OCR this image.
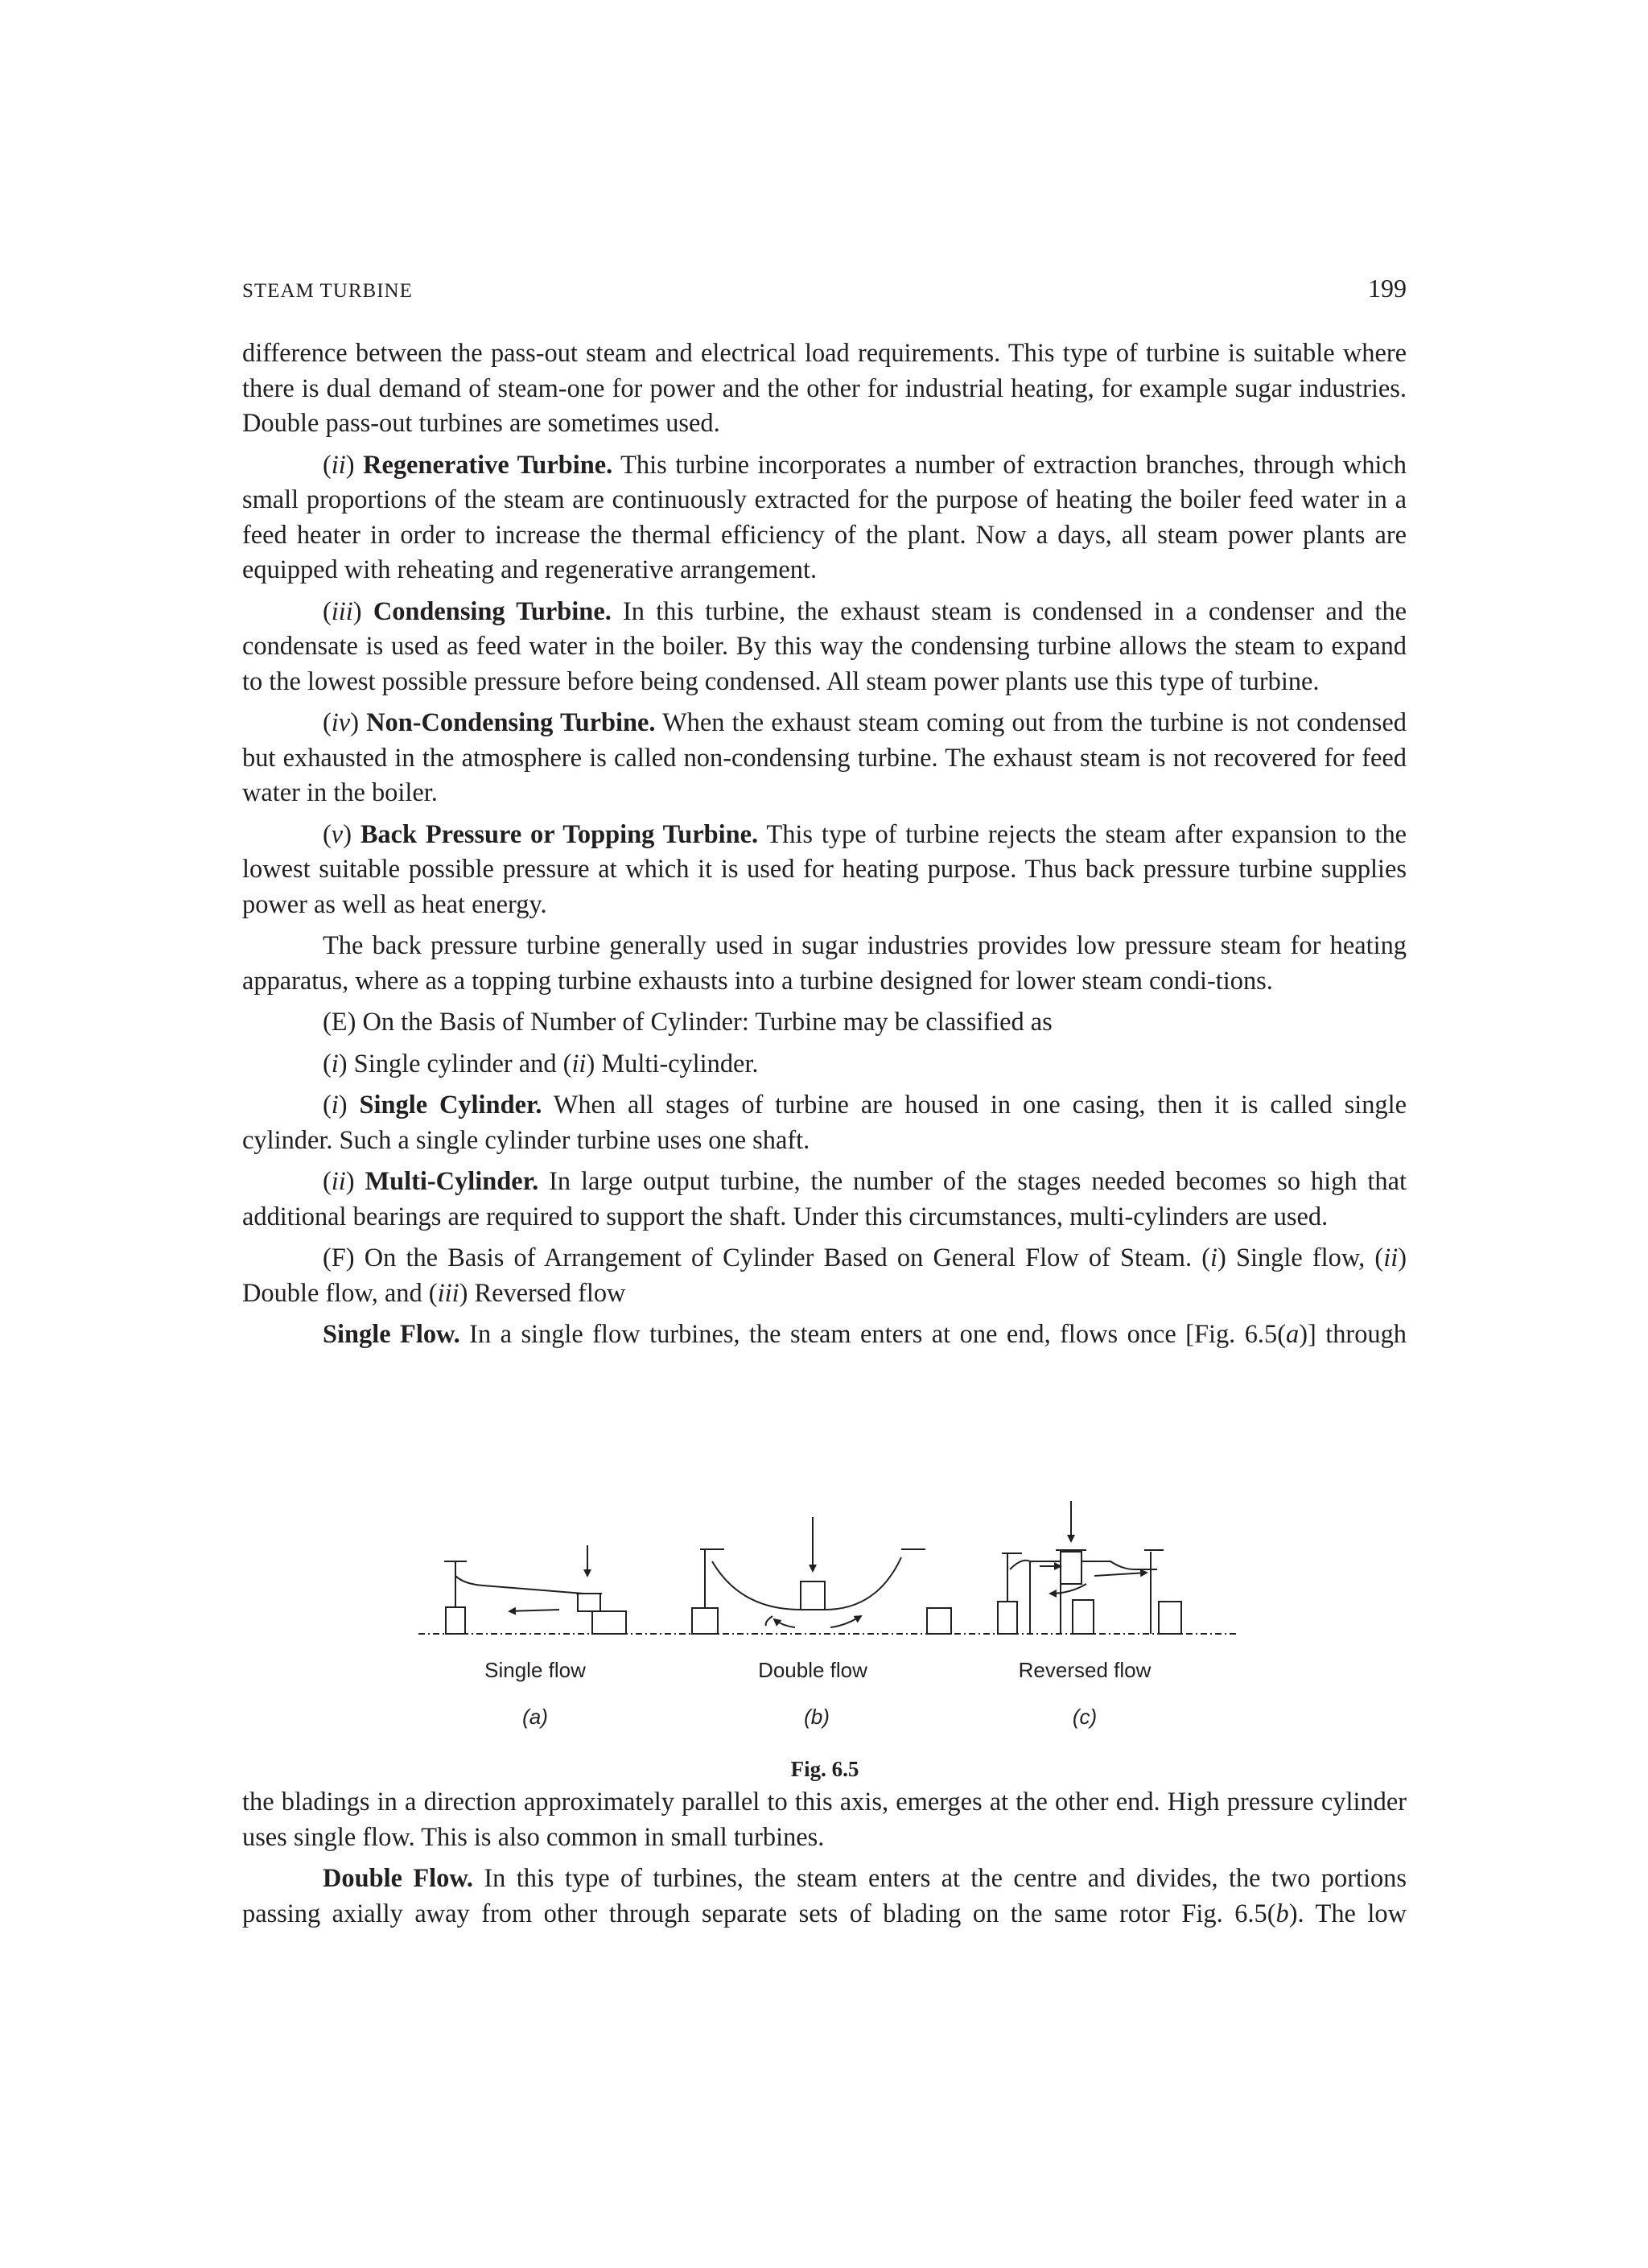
STEAM TURBINE	199

difference between the pass-out steam and electrical load requirements. This type of turbine is suitable where there is dual demand of steam-one for power and the other for industrial heating, for example sugar industries. Double pass-out turbines are sometimes used.

(ii) Regenerative Turbine. This turbine incorporates a number of extraction branches, through which small proportions of the steam are continuously extracted for the purpose of heating the boiler feed water in a feed heater in order to increase the thermal efficiency of the plant. Now a days, all steam power plants are equipped with reheating and regenerative arrangement.

(iii) Condensing Turbine. In this turbine, the exhaust steam is condensed in a condenser and the condensate is used as feed water in the boiler. By this way the condensing turbine allows the steam to expand to the lowest possible pressure before being condensed. All steam power plants use this type of turbine.

(iv) Non-Condensing Turbine. When the exhaust steam coming out from the turbine is not condensed but exhausted in the atmosphere is called non-condensing turbine. The exhaust steam is not recovered for feed water in the boiler.

(v) Back Pressure or Topping Turbine. This type of turbine rejects the steam after expansion to the lowest suitable possible pressure at which it is used for heating purpose. Thus back pressure turbine supplies power as well as heat energy.

The back pressure turbine generally used in sugar industries provides low pressure steam for heating apparatus, where as a topping turbine exhausts into a turbine designed for lower steam condi-tions.

(E) On the Basis of Number of Cylinder: Turbine may be classified as

(i) Single cylinder and (ii) Multi-cylinder.

(i) Single Cylinder. When all stages of turbine are housed in one casing, then it is called single cylinder. Such a single cylinder turbine uses one shaft.

(ii) Multi-Cylinder. In large output turbine, the number of the stages needed becomes so high that additional bearings are required to support the shaft. Under this circumstances, multi-cylinders are used.

(F) On the Basis of Arrangement of Cylinder Based on General Flow of Steam. (i) Single flow, (ii) Double flow, and (iii) Reversed flow

Single Flow. In a single flow turbines, the steam enters at one end, flows once [Fig. 6.5(a)] through

Single flow	Double flow	Reversed flow
(a)	(b)	(c)
Fig. 6.5

the bladings in a direction approximately parallel to this axis, emerges at the other end. High pressure cylinder uses single flow. This is also common in small turbines.

Double Flow. In this type of turbines, the steam enters at the centre and divides, the two portions passing axially away from other through separate sets of blading on the same rotor Fig. 6.5(b). The low
